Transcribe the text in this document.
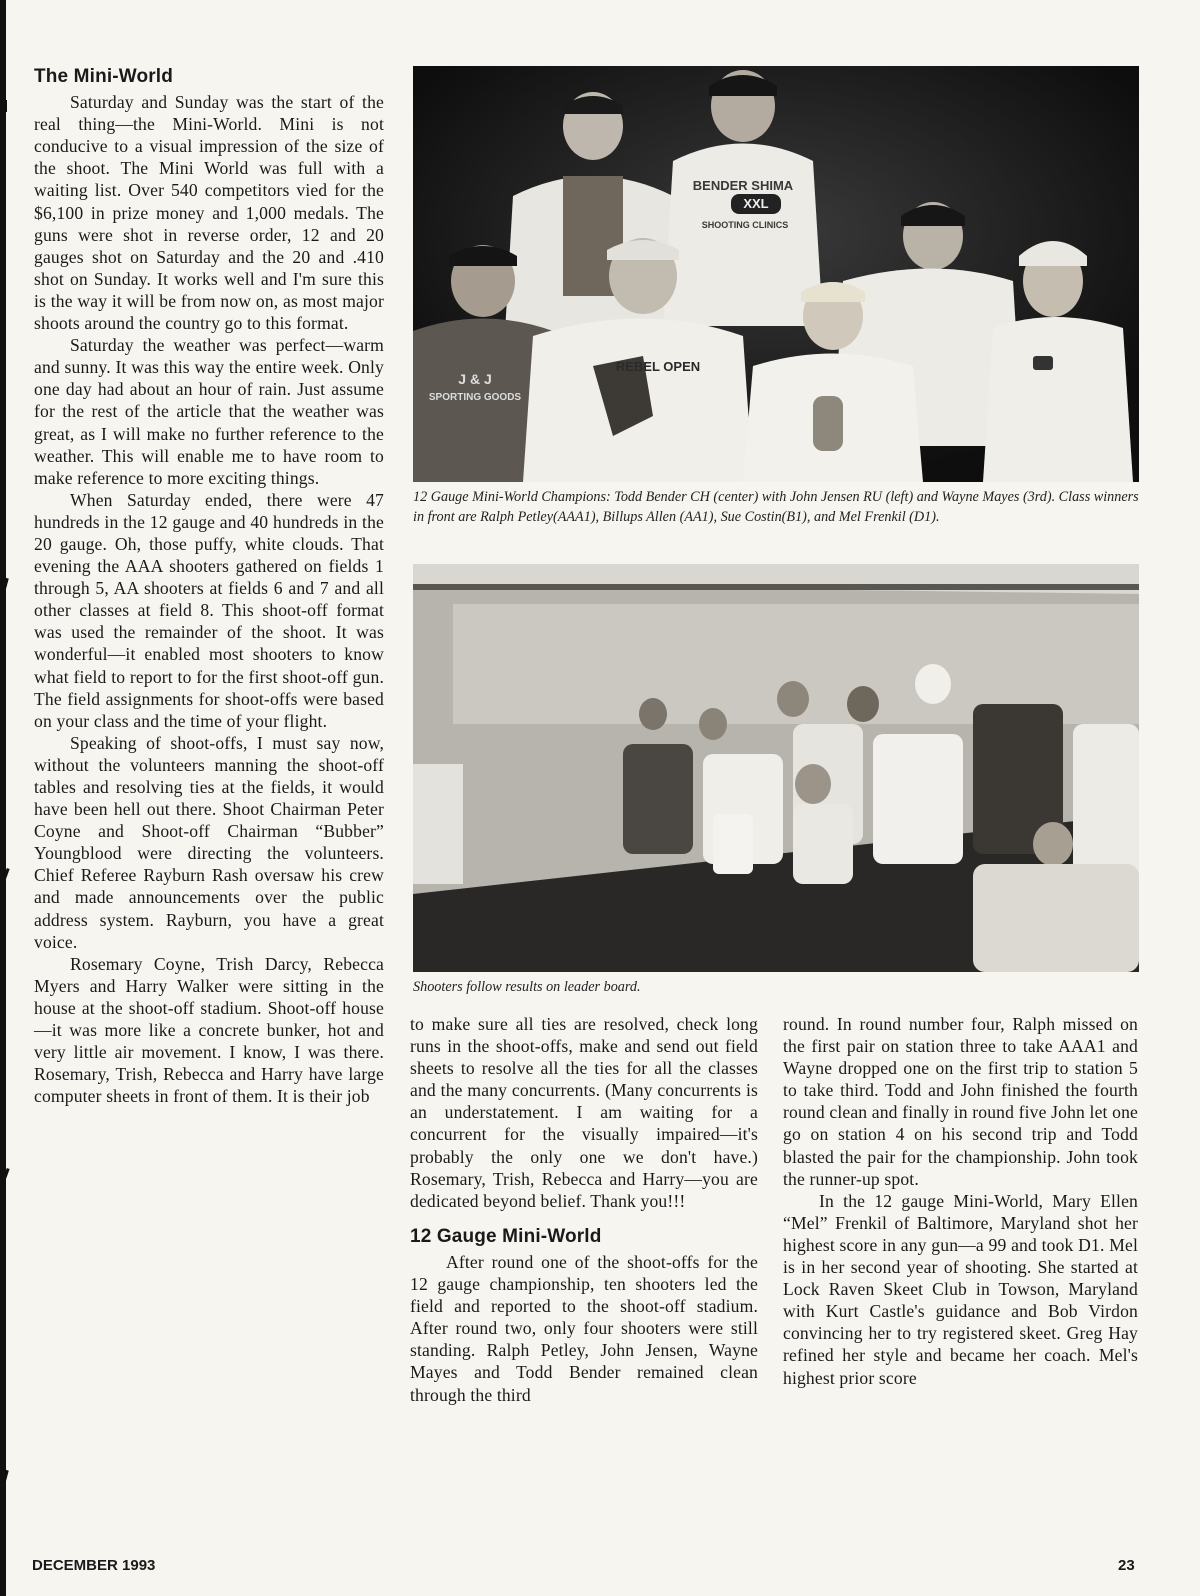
The Mini-World

Saturday and Sunday was the start of the real thing—the Mini-World. Mini is not conducive to a visual impression of the size of the shoot. The Mini World was full with a waiting list. Over 540 competitors vied for the $6,100 in prize money and 1,000 medals. The guns were shot in reverse order, 12 and 20 gauges shot on Saturday and the 20 and .410 shot on Sunday. It works well and I'm sure this is the way it will be from now on, as most major shoots around the country go to this format.

Saturday the weather was perfect—warm and sunny. It was this way the entire week. Only one day had about an hour of rain. Just assume for the rest of the article that the weather was great, as I will make no further reference to the weather. This will enable me to have room to make reference to more exciting things.

When Saturday ended, there were 47 hundreds in the 12 gauge and 40 hundreds in the 20 gauge. Oh, those puffy, white clouds. That evening the AAA shooters gathered on fields 1 through 5, AA shooters at fields 6 and 7 and all other classes at field 8. This shoot-off format was used the remainder of the shoot. It was wonderful—it enabled most shooters to know what field to report to for the first shoot-off gun. The field assignments for shoot-offs were based on your class and the time of your flight.

Speaking of shoot-offs, I must say now, without the volunteers manning the shoot-off tables and resolving ties at the fields, it would have been hell out there. Shoot Chairman Peter Coyne and Shoot-off Chairman “Bubber” Youngblood were directing the volunteers. Chief Referee Rayburn Rash oversaw his crew and made announcements over the public address system. Rayburn, you have a great voice.

Rosemary Coyne, Trish Darcy, Rebecca Myers and Harry Walker were sitting in the house at the shoot-off stadium. Shoot-off house—it was more like a concrete bunker, hot and very little air movement. I know, I was there. Rosemary, Trish, Rebecca and Harry have large computer sheets in front of them. It is their job

BENDER SHIMA
XXL
SHOOTING CLINICS
J & J
SPORTING GOODS
REBEL OPEN
12 Gauge Mini-World Champions: Todd Bender CH (center) with John Jensen RU (left) and Wayne Mayes (3rd). Class winners in front are Ralph Petley(AAA1), Billups Allen (AA1), Sue Costin(B1), and Mel Frenkil (D1).
Shooters follow results on leader board.

to make sure all ties are resolved, check long runs in the shoot-offs, make and send out field sheets to resolve all the ties for all the classes and the many concurrents. (Many concurrents is an understatement. I am waiting for a concurrent for the visually impaired—it's probably the only one we don't have.) Rosemary, Trish, Rebecca and Harry—you are dedicated beyond belief. Thank you!!!

12 Gauge Mini-World

After round one of the shoot-offs for the 12 gauge championship, ten shooters led the field and reported to the shoot-off stadium. After round two, only four shooters were still standing. Ralph Petley, John Jensen, Wayne Mayes and Todd Bender remained clean through the third

round. In round number four, Ralph missed on the first pair on station three to take AAA1 and Wayne dropped one on the first trip to station 5 to take third. Todd and John finished the fourth round clean and finally in round five John let one go on station 4 on his second trip and Todd blasted the pair for the championship. John took the runner-up spot.

In the 12 gauge Mini-World, Mary Ellen “Mel” Frenkil of Baltimore, Maryland shot her highest score in any gun—a 99 and took D1. Mel is in her second year of shooting. She started at Lock Raven Skeet Club in Towson, Maryland with Kurt Castle's guidance and Bob Virdon convincing her to try registered skeet. Greg Hay refined her style and became her coach. Mel's highest prior score

DECEMBER 1993	23
